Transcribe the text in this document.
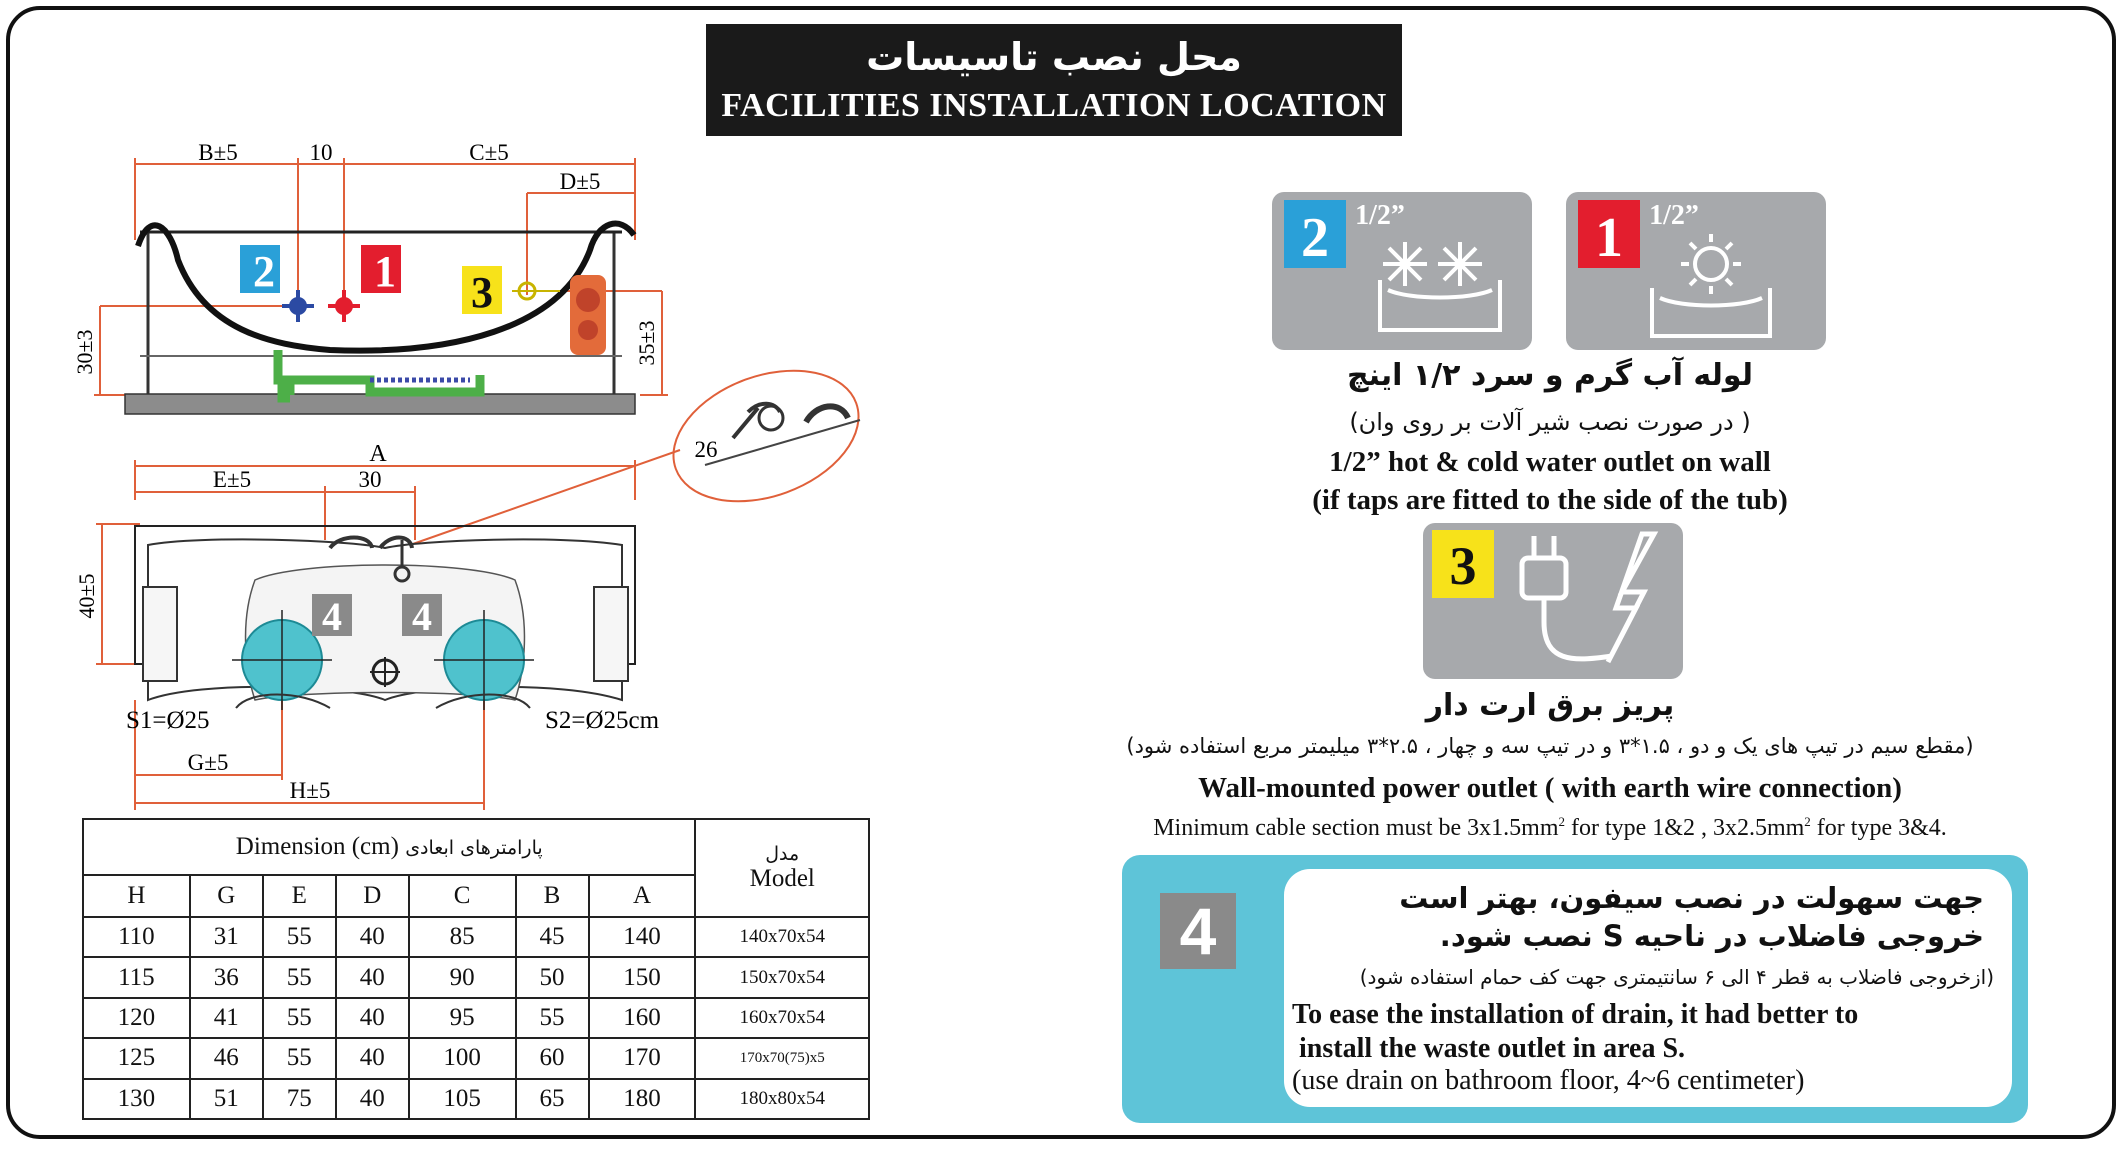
محل نصب تاسیسات
FACILITIES INSTALLATION LOCATION
2 1 3
B±5	10	C±5
D±5
30±3	35±3
4 4
A
E±5	30
26
40±5
S1=Ø25	S2=Ø25cm
G±5
H±5
Dimension (cm) پارامترهای ابعادی							مدل
Model

H	G	E	D	C	B	A	
110	31	55	40	85	45	140	140x70x54
115	36	55	40	90	50	150	150x70x54
120	41	55	40	95	55	160	160x70x54
125	46	55	40	100	60	170	170x70(75)x5
130	51	75	40	105	65	180	180x80x54
2 1/2”	1 1/2”
لوله آب گرم و سرد ۱/۲ اینچ
( در صورت نصب شیر آلات بر روی وان)
1/2” hot & cold water outlet on wall
(if taps are fitted to the side of the tub)
3
پریز برق ارت دار
(مقطع سیم در تیپ های یک و دو ، ۱.۵*۳ و در تیپ سه و چهار ، ۲.۵*۳ میلیمتر مربع استفاده شود)
Wall-mounted power outlet ( with earth wire connection)
Minimum cable section must be $3x1.5mm^2$ for type 1&2 , $3x2.5mm^2$ for type 3&4.
4	جهت سهولت در نصب سیفون، بهتر است
خروجی فاضلاب در ناحیه S نصب شود.
(ازخروجی فاضلاب به قطر ۴ الی ۶ سانتیمتری جهت کف حمام استفاده شود)
To ease the installation of drain, it had better to
install the waste outlet in area S.
(use drain on bathroom floor, 4~6 centimeter)
